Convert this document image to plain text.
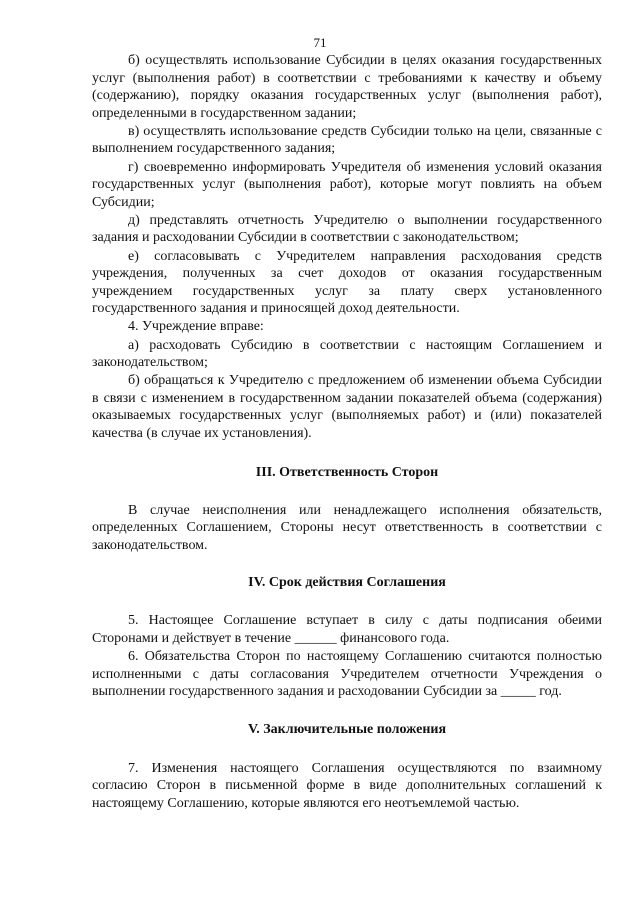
71

б) осуществлять использование Субсидии в целях оказания государственных услуг (выполнения работ) в соответствии с требованиями к качеству и объему (содержанию), порядку оказания государственных услуг (выполнения работ), определенными в государственном задании;

в) осуществлять использование средств Субсидии только на цели, связанные с выполнением государственного задания;

г) своевременно информировать Учредителя об изменения условий оказания государственных услуг (выполнения работ), которые могут повлиять на объем Субсидии;

д) представлять отчетность Учредителю о выполнении государственного задания и расходовании Субсидии в соответствии с законодательством;

е) согласовывать с Учредителем направления расходования средств учреждения, полученных за счет доходов от оказания государственным учреждением государственных услуг за плату сверх установленного государственного задания и приносящей доход деятельности.

4. Учреждение вправе:

а) расходовать Субсидию в соответствии с настоящим Соглашением и законодательством;

б) обращаться к Учредителю с предложением об изменении объема Субсидии в связи с изменением в государственном задании показателей объема (содержания) оказываемых государственных услуг (выполняемых работ) и (или) показателей качества (в случае их установления).

III. Ответственность Сторон

В случае неисполнения или ненадлежащего исполнения обязательств, определенных Соглашением, Стороны несут ответственность в соответствии с законодательством.

IV. Срок действия Соглашения

5. Настоящее Соглашение вступает в силу с даты подписания обеими Сторонами и действует в течение ______ финансового года.

6. Обязательства Сторон по настоящему Соглашению считаются полностью исполненными с даты согласования Учредителем отчетности Учреждения о выполнении государственного задания и расходовании Субсидии за _____ год.

V. Заключительные положения

7. Изменения настоящего Соглашения осуществляются по взаимному согласию Сторон в письменной форме в виде дополнительных соглашений к настоящему Соглашению, которые являются его неотъемлемой частью.
